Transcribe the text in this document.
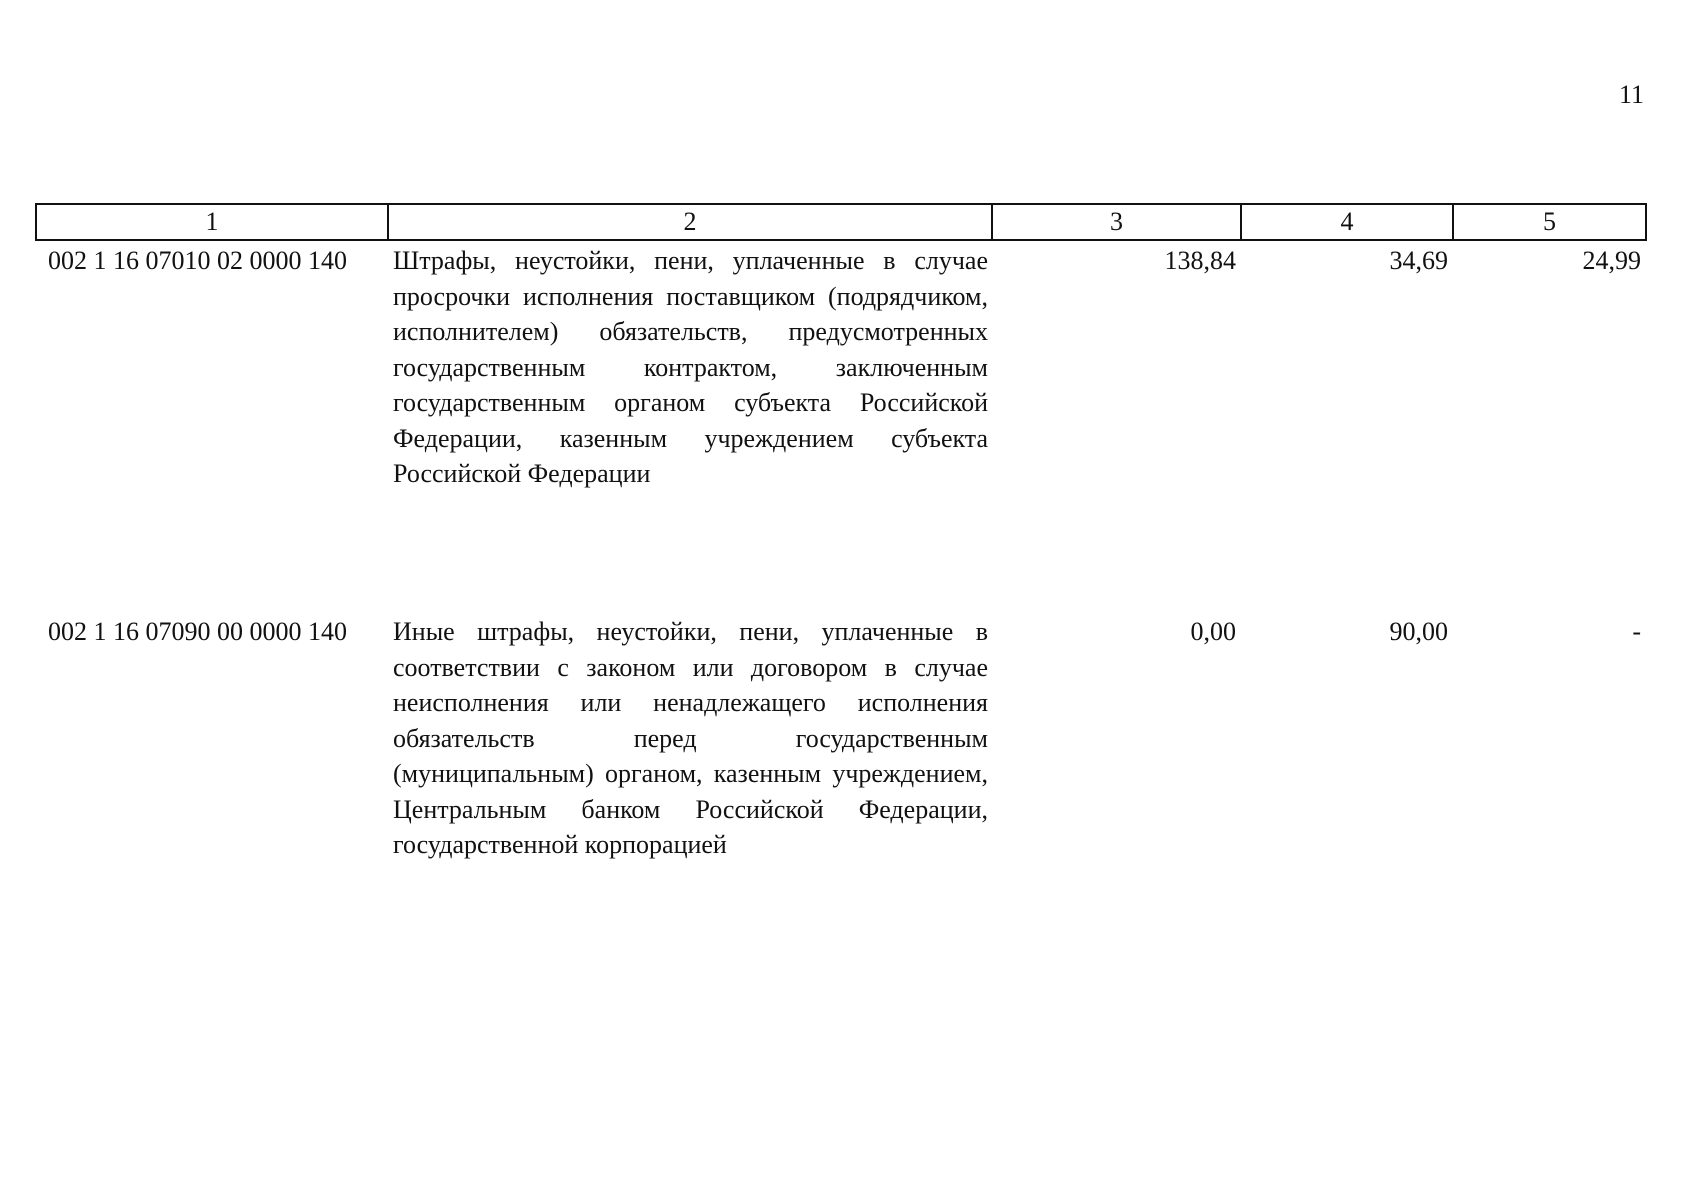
11
1	2	3	4	5
002 1 16 07010 02 0000 140	Штрафы, неустойки, пени, уплаченные в случае просрочки исполнения поставщиком (подрядчиком, исполнителем) обязательств, предусмотренных государственным контрактом, заключенным государственным органом субъекта Российской Федерации, казенным учреждением субъекта Российской Федерации	138,84	34,69	24,99
002 1 16 07090 00 0000 140	Иные штрафы, неустойки, пени, уплаченные в соответствии с законом или договором в случае неисполнения или ненадлежащего исполнения обязательств перед государственным (муниципальным) органом, казенным учреждением, Центральным банком Российской Федерации, государственной корпорацией	0,00	90,00	-
